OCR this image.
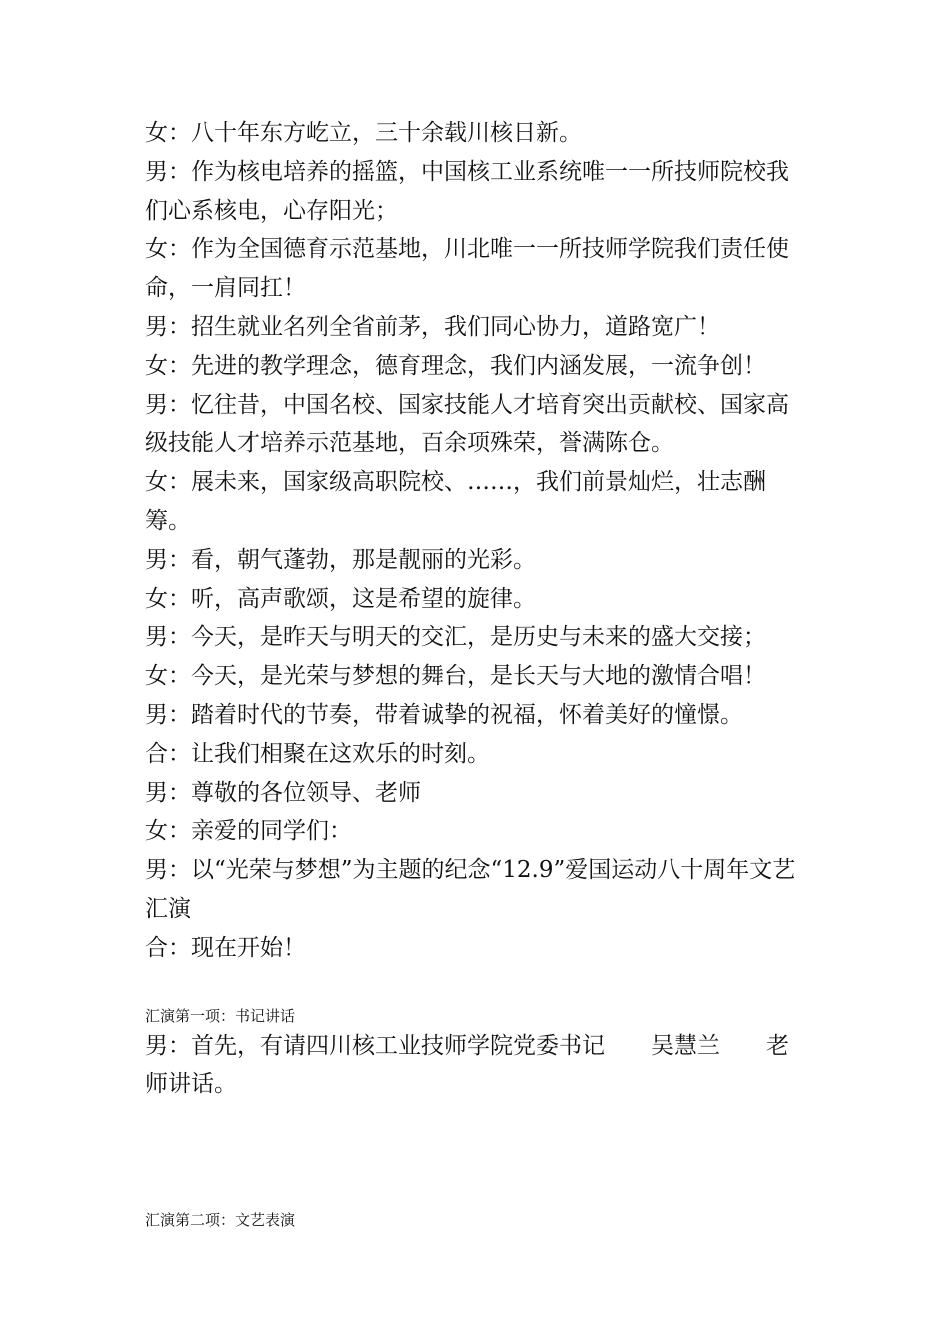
女：八十年东方屹立，三十余载川核日新。

男：作为核电培养的摇篮，中国核工业系统唯一一所技师院校我们心系核电，心存阳光；

女：作为全国德育示范基地，川北唯一一所技师学院我们责任使命，一肩同扛！

男：招生就业名列全省前茅，我们同心协力，道路宽广！

女：先进的教学理念，德育理念，我们内涵发展，一流争创！

男：忆往昔，中国名校、国家技能人才培育突出贡献校、国家高级技能人才培养示范基地，百余项殊荣，誉满陈仓。

女：展未来，国家级高职院校、……，我们前景灿烂，壮志酬筹。

男：看，朝气蓬勃，那是靓丽的光彩。

女：听，高声歌颂，这是希望的旋律。

男：今天，是昨天与明天的交汇，是历史与未来的盛大交接；

女：今天，是光荣与梦想的舞台，是长天与大地的激情合唱！

男：踏着时代的节奏，带着诚挚的祝福，怀着美好的憧憬。

合：让我们相聚在这欢乐的时刻。

男：尊敬的各位领导、老师

女：亲爱的同学们：

男：以“光荣与梦想”为主题的纪念“12.9”爱国运动八十周年文艺汇演

合：现在开始！

汇演第一项：书记讲话

男：首先，有请四川核工业技师学院党委书记　　吴慧兰　　老师讲话。

汇演第二项：文艺表演
